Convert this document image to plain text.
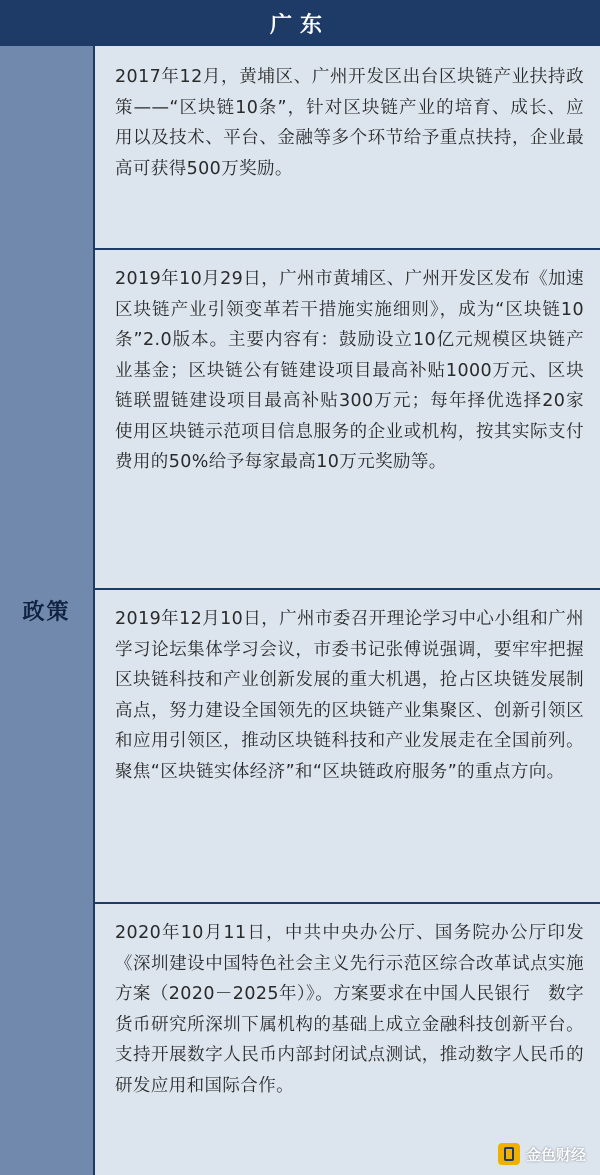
广东
政策
2017年12月，黄埔区、广州开发区出台区块链产业扶持政策——“区块链10条”，针对区块链产业的培育、成长、应用以及技术、平台、金融等多个环节给予重点扶持，企业最高可获得500万奖励。
2019年10月29日，广州市黄埔区、广州开发区发布《加速区块链产业引领变革若干措施实施细则》，成为“区块链10条”2.0版本。主要内容有：鼓励设立10亿元规模区块链产业基金；区块链公有链建设项目最高补贴1000万元、区块链联盟链建设项目最高补贴300万元；每年择优选择20家使用区块链示范项目信息服务的企业或机构，按其实际支付费用的50%给予每家最高10万元奖励等。
2019年12月10日，广州市委召开理论学习中心小组和广州学习论坛集体学习会议，市委书记张傅说强调，要牢牢把握区块链科技和产业创新发展的重大机遇，抢占区块链发展制高点，努力建设全国领先的区块链产业集聚区、创新引领区和应用引领区，推动区块链科技和产业发展走在全国前列。聚焦“区块链实体经济”和“区块链政府服务”的重点方向。
2020年10月11日，中共中央办公厅、国务院办公厅印发《深圳建设中国特色社会主义先行示范区综合改革试点实施方案（2020－2025年）》。方案要求在中国人民银行　数字货币研究所深圳下属机构的基础上成立金融科技创新平台。支持开展数字人民币内部封闭试点测试，推动数字人民币的研发应用和国际合作。
金色财经
